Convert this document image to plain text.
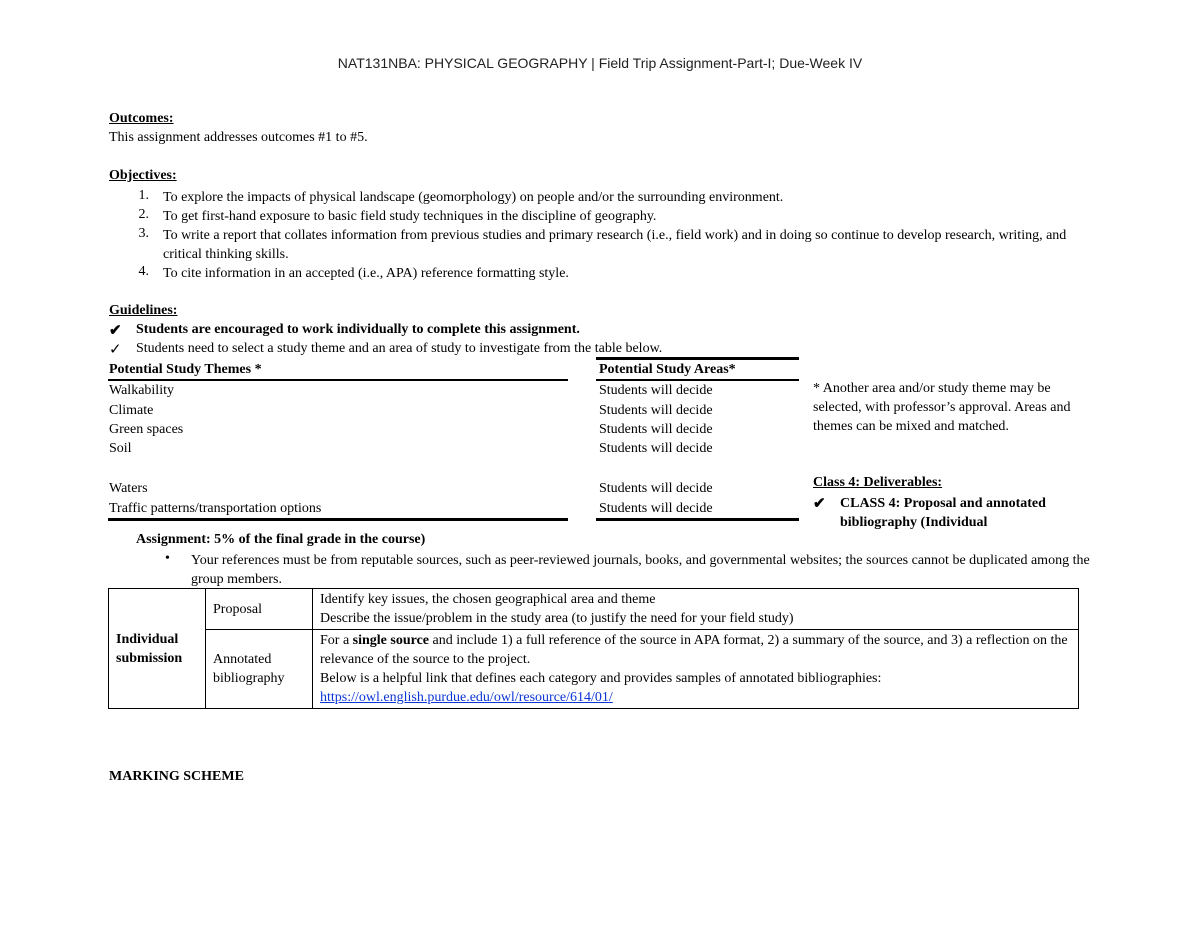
NAT131NBA: PHYSICAL GEOGRAPHY | Field Trip Assignment-Part-I; Due-Week IV
Outcomes:
This assignment addresses outcomes #1 to #5.
Objectives:
1. To explore the impacts of physical landscape (geomorphology) on people and/or the surrounding environment.
2. To get first-hand exposure to basic field study techniques in the discipline of geography.
3. To write a report that collates information from previous studies and primary research (i.e., field work) and in doing so continue to develop research, writing, and critical thinking skills.
4. To cite information in an accepted (i.e., APA) reference formatting style.
Guidelines:
✔ Students are encouraged to work individually to complete this assignment.
✓ Students need to select a study theme and an area of study to investigate from the table below.
Potential Study Themes *	Potential Study Areas*
Walkability	Students will decide
Climate	Students will decide
Green spaces	Students will decide
Soil	Students will decide
Waters	Students will decide
Traffic patterns/transportation options	Students will decide
* Another area and/or study theme may be selected, with professor’s approval. Areas and themes can be mixed and matched.
Class 4: Deliverables:
✔ CLASS 4: Proposal and annotated bibliography (Individual
Assignment: 5% of the final grade in the course)
• Your references must be from reputable sources, such as peer-reviewed journals, books, and governmental websites; the sources cannot be duplicated among the group members.
Individual submission	Proposal	Identify key issues, the chosen geographical area and theme
Describe the issue/problem in the study area (to justify the need for your field study)

	Annotated bibliography	For a single source and include 1) a full reference of the source in APA format, 2) a summary of the source, and 3) a reflection on the relevance of the source to the project.
Below is a helpful link that defines each category and provides samples of annotated bibliographies:
https://owl.english.purdue.edu/owl/resource/614/01/
MARKING SCHEME
